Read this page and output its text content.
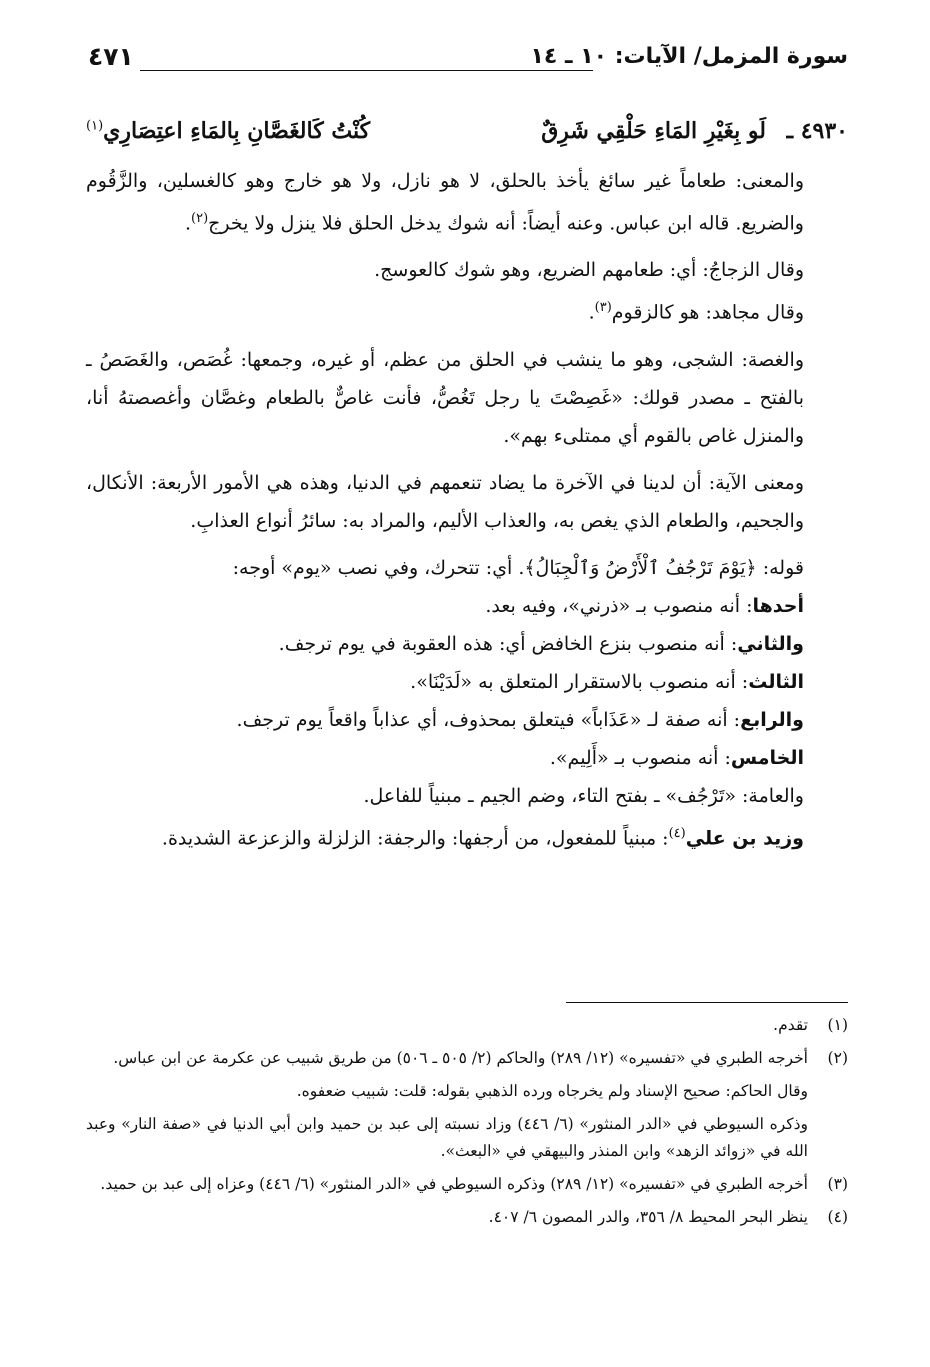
سورة المزمل/ الآيات: ١٠ ـ ١٤
٤٧١
٤٩٣٠ ـ
لَو بِغَيْرِ المَاءِ حَلْقِي شَرِقٌ
كُنْتُ كَالغَصَّانِ بِالمَاءِ اعتِصَارِي$^{(١)}$

والمعنى: طعاماً غير سائغ يأخذ بالحلق، لا هو نازل، ولا هو خارج وهو كالغسلين، والزَّقُوم والضريع. قاله ابن عباس. وعنه أيضاً: أنه شوك يدخل الحلق فلا ينزل ولا يخرج$^{(٢)}$.

وقال الزجاجُ: أي: طعامهم الضريع، وهو شوك كالعوسج.

وقال مجاهد: هو كالزقوم$^{(٣)}$.

والغصة: الشجى، وهو ما ينشب في الحلق من عظم، أو غيره، وجمعها: غُصَص، والغَصَصُ ـ بالفتح ـ مصدر قولك: «غَصِصْتَ يا رجل تَغُصُّ، فأنت غاصٌّ بالطعام وغصَّان وأغصصتهُ أنا، والمنزل غاص بالقوم أي ممتلىء بهم».

ومعنى الآية: أن لدينا في الآخرة ما يضاد تنعمهم في الدنيا، وهذه هي الأمور الأربعة: الأنكال، والجحيم، والطعام الذي يغص به، والعذاب الأليم، والمراد به: سائرُ أنواع العذابِ.

قوله: ﴿يَوْمَ تَرْجُفُ ٱلْأَرْضُ وَٱلْجِبَالُ﴾. أي: تتحرك، وفي نصب «يوم» أوجه:

أحدها: أنه منصوب بـ «ذرني»، وفيه بعد.

والثاني: أنه منصوب بنزع الخافض أي: هذه العقوبة في يوم ترجف.

الثالث: أنه منصوب بالاستقرار المتعلق به «لَدَيْنَا».

والرابع: أنه صفة لـ «عَذَاباً» فيتعلق بمحذوف، أي عذاباً واقعاً يوم ترجف.

الخامس: أنه منصوب بـ «أَلِيم».

والعامة: «تَرْجُف» ـ بفتح التاء، وضم الجيم ـ مبنياً للفاعل.

وزيد بن علي$^{(٤)}$: مبنياً للمفعول، من أرجفها: والرجفة: الزلزلة والزعزعة الشديدة.

(١)
تقدم.

(٢)
أخرجه الطبري في «تفسيره» (١٢/ ٢٨٩) والحاكم (٢/ ٥٠٥ ـ ٥٠٦) من طريق شبيب عن عكرمة عن ابن عباس.

وقال الحاكم: صحيح الإسناد ولم يخرجاه ورده الذهبي بقوله: قلت: شبيب ضعفوه.

وذكره السيوطي في «الدر المنثور» (٦/ ٤٤٦) وزاد نسبته إلى عبد بن حميد وابن أبي الدنيا في «صفة النار» وعبد الله في «زوائد الزهد» وابن المنذر والبيهقي في «البعث».

(٣)
أخرجه الطبري في «تفسيره» (١٢/ ٢٨٩) وذكره السيوطي في «الدر المنثور» (٦/ ٤٤٦) وعزاه إلى عبد بن حميد.

(٤)
ينظر البحر المحيط ٨/ ٣٥٦، والدر المصون ٦/ ٤٠٧.
